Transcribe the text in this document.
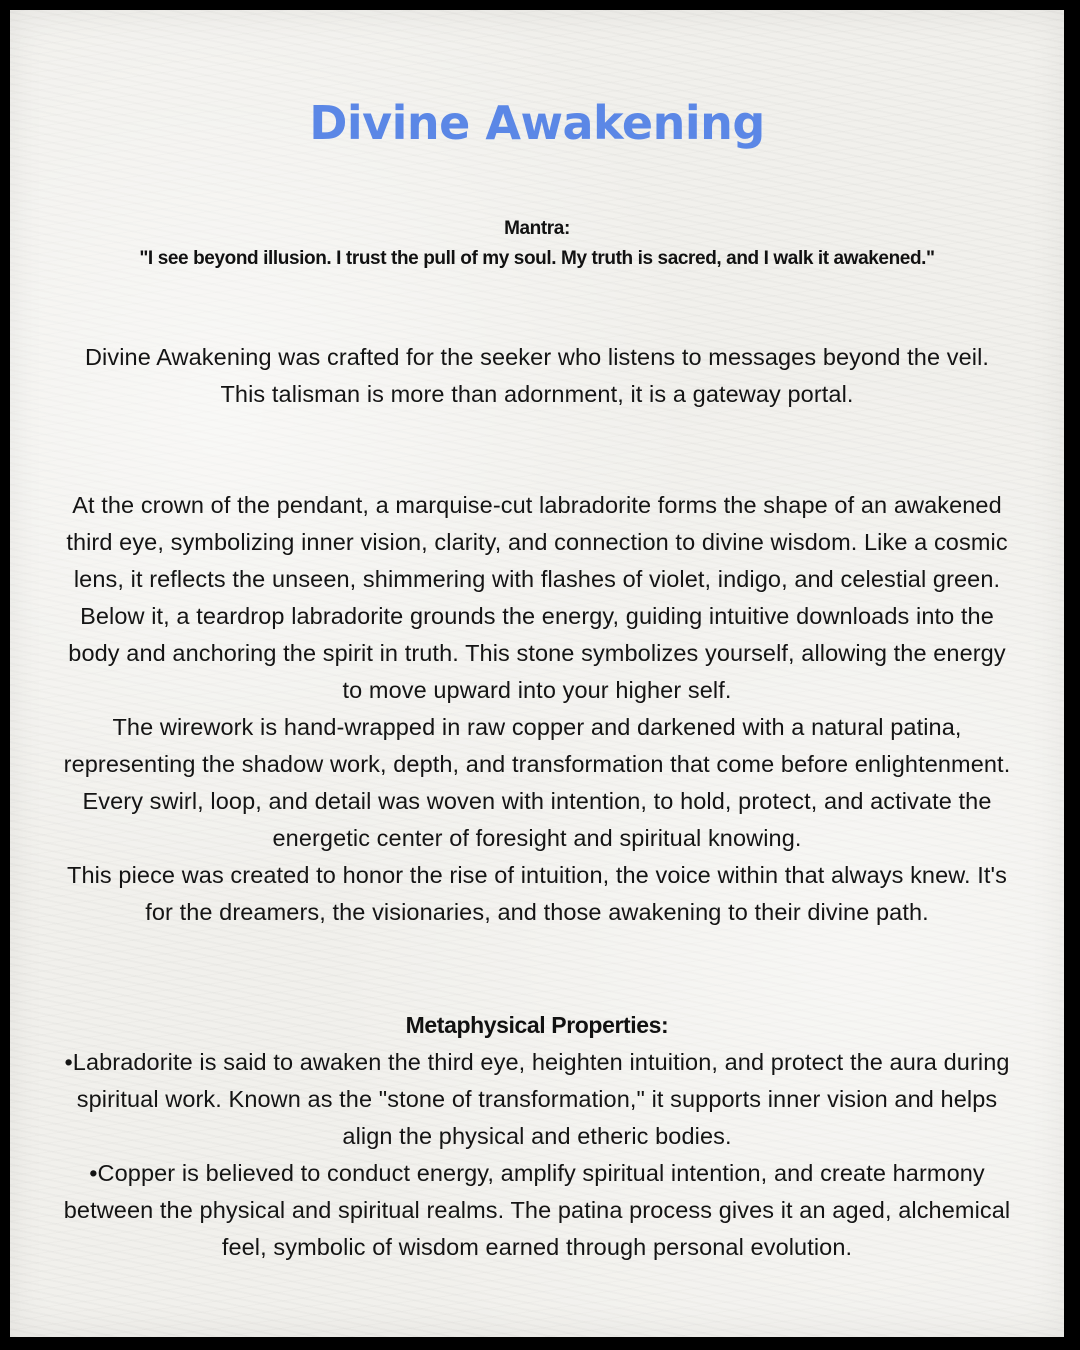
Divine Awakening
Mantra:
"I see beyond illusion. I trust the pull of my soul. My truth is sacred, and I walk it awakened."

Divine Awakening was crafted for the seeker who listens to messages beyond the veil.

This talisman is more than adornment, it is a gateway portal.

At the crown of the pendant, a marquise-cut labradorite forms the shape of an awakened third eye, symbolizing inner vision, clarity, and connection to divine wisdom. Like a cosmic lens, it reflects the unseen, shimmering with flashes of violet, indigo, and celestial green. Below it, a teardrop labradorite grounds the energy, guiding intuitive downloads into the body and anchoring the spirit in truth. This stone symbolizes yourself, allowing the energy to move upward into your higher self.

The wirework is hand-wrapped in raw copper and darkened with a natural patina, representing the shadow work, depth, and transformation that come before enlightenment. Every swirl, loop, and detail was woven with intention, to hold, protect, and activate the energetic center of foresight and spiritual knowing.

This piece was created to honor the rise of intuition, the voice within that always knew. It's for the dreamers, the visionaries, and those awakening to their divine path.

Metaphysical Properties:
•Labradorite is said to awaken the third eye, heighten intuition, and protect the aura during spiritual work. Known as the "stone of transformation," it supports inner vision and helps align the physical and etheric bodies.
•Copper is believed to conduct energy, amplify spiritual intention, and create harmony between the physical and spiritual realms. The patina process gives it an aged, alchemical feel, symbolic of wisdom earned through personal evolution.
